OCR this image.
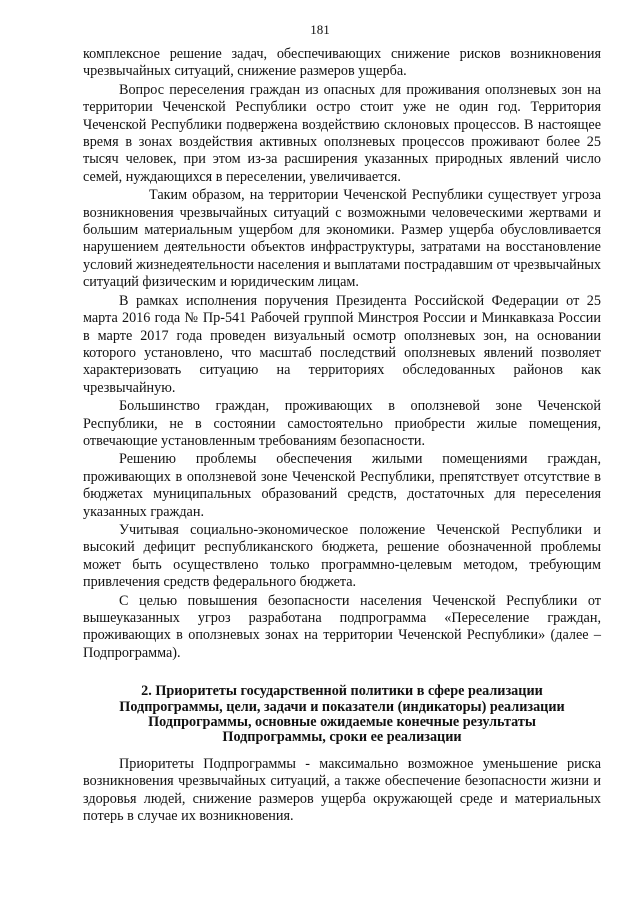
181

комплексное решение задач, обеспечивающих снижение рисков возникновения чрезвычайных ситуаций, снижение размеров ущерба.

Вопрос переселения граждан из опасных для проживания оползневых зон на территории Чеченской Республики остро стоит уже не один год. Территория Чеченской Республики подвержена воздействию склоновых процессов. В настоящее время в зонах воздействия активных оползневых процессов проживают более 25 тысяч человек, при этом из-за расширения указанных природных явлений число семей, нуждающихся в переселении, увеличивается.

Таким образом, на территории Чеченской Республики существует угроза возникновения чрезвычайных ситуаций с возможными человеческими жертвами и большим материальным ущербом для экономики. Размер ущерба обусловливается нарушением деятельности объектов инфраструктуры, затратами на восстановление условий жизнедеятельности населения и выплатами пострадавшим от чрезвычайных ситуаций физическим и юридическим лицам.

В рамках исполнения поручения Президента Российской Федерации от 25 марта 2016 года № Пр-541 Рабочей группой Минстроя России и Минкавказа России в марте 2017 года проведен визуальный осмотр оползневых зон, на основании которого установлено, что масштаб последствий оползневых явлений позволяет характеризовать ситуацию на территориях обследованных районов как чрезвычайную.

Большинство граждан, проживающих в оползневой зоне Чеченской Республики, не в состоянии самостоятельно приобрести жилые помещения, отвечающие установленным требованиям безопасности.

Решению проблемы обеспечения жилыми помещениями граждан, проживающих в оползневой зоне Чеченской Республики, препятствует отсутствие в бюджетах муниципальных образований средств, достаточных для переселения указанных граждан.

Учитывая социально-экономическое положение Чеченской Республики и высокий дефицит республиканского бюджета, решение обозначенной проблемы может быть осуществлено только программно-целевым методом, требующим привлечения средств федерального бюджета.

С целью повышения безопасности населения Чеченской Республики от вышеуказанных угроз разработана подпрограмма «Переселение граждан, проживающих в оползневых зонах на территории Чеченской Республики» (далее – Подпрограмма).

2. Приоритеты государственной политики в сфере реализации
Подпрограммы, цели, задачи и показатели (индикаторы) реализации
Подпрограммы, основные ожидаемые конечные результаты
Подпрограммы, сроки ее реализации

Приоритеты Подпрограммы - максимально возможное уменьшение риска возникновения чрезвычайных ситуаций, а также обеспечение безопасности жизни и здоровья людей, снижение размеров ущерба окружающей среде и материальных потерь в случае их возникновения.
